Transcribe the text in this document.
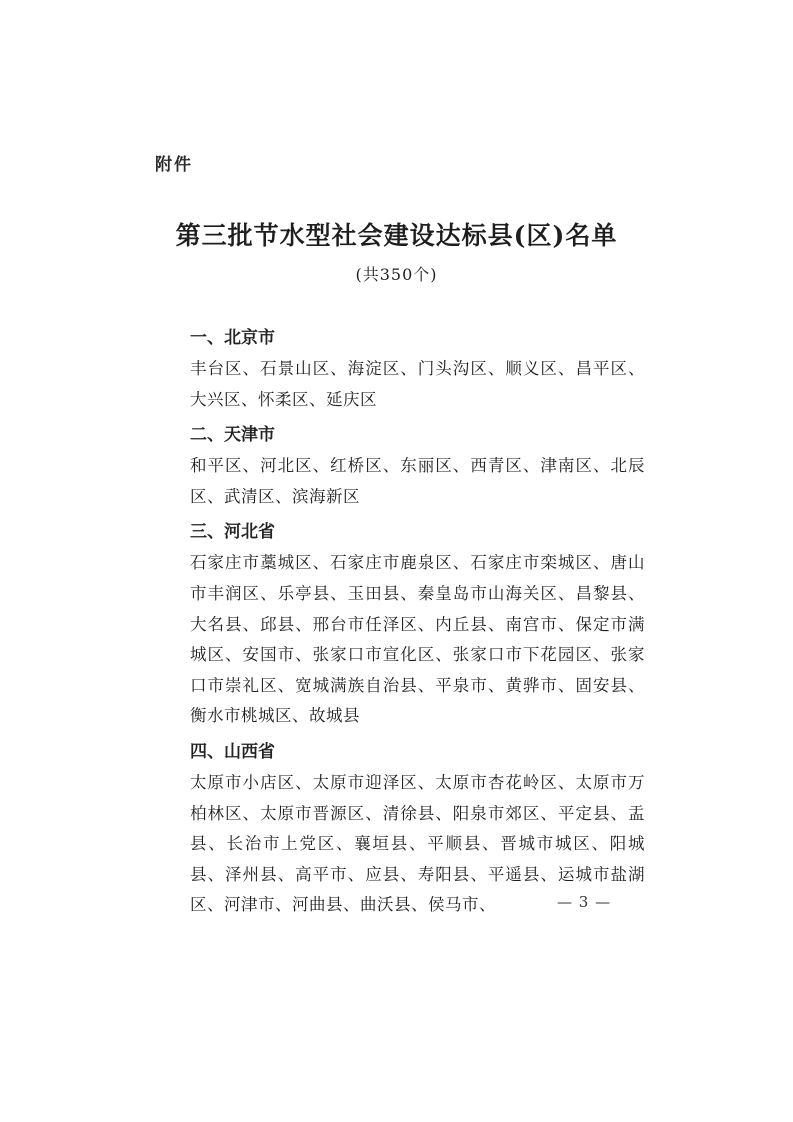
附件
第三批节水型社会建设达标县(区)名单
(共350个)
一、北京市
丰台区、石景山区、海淀区、门头沟区、顺义区、昌平区、大兴区、怀柔区、延庆区
二、天津市
和平区、河北区、红桥区、东丽区、西青区、津南区、北辰区、武清区、滨海新区
三、河北省
石家庄市藁城区、石家庄市鹿泉区、石家庄市栾城区、唐山市丰润区、乐亭县、玉田县、秦皇岛市山海关区、昌黎县、大名县、邱县、邢台市任泽区、内丘县、南宫市、保定市满城区、安国市、张家口市宣化区、张家口市下花园区、张家口市崇礼区、宽城满族自治县、平泉市、黄骅市、固安县、衡水市桃城区、故城县
四、山西省
太原市小店区、太原市迎泽区、太原市杏花岭区、太原市万柏林区、太原市晋源区、清徐县、阳泉市郊区、平定县、盂县、长治市上党区、襄垣县、平顺县、晋城市城区、阳城县、泽州县、高平市、应县、寿阳县、平遥县、运城市盐湖区、河津市、河曲县、曲沃县、侯马市、	— 3 —
